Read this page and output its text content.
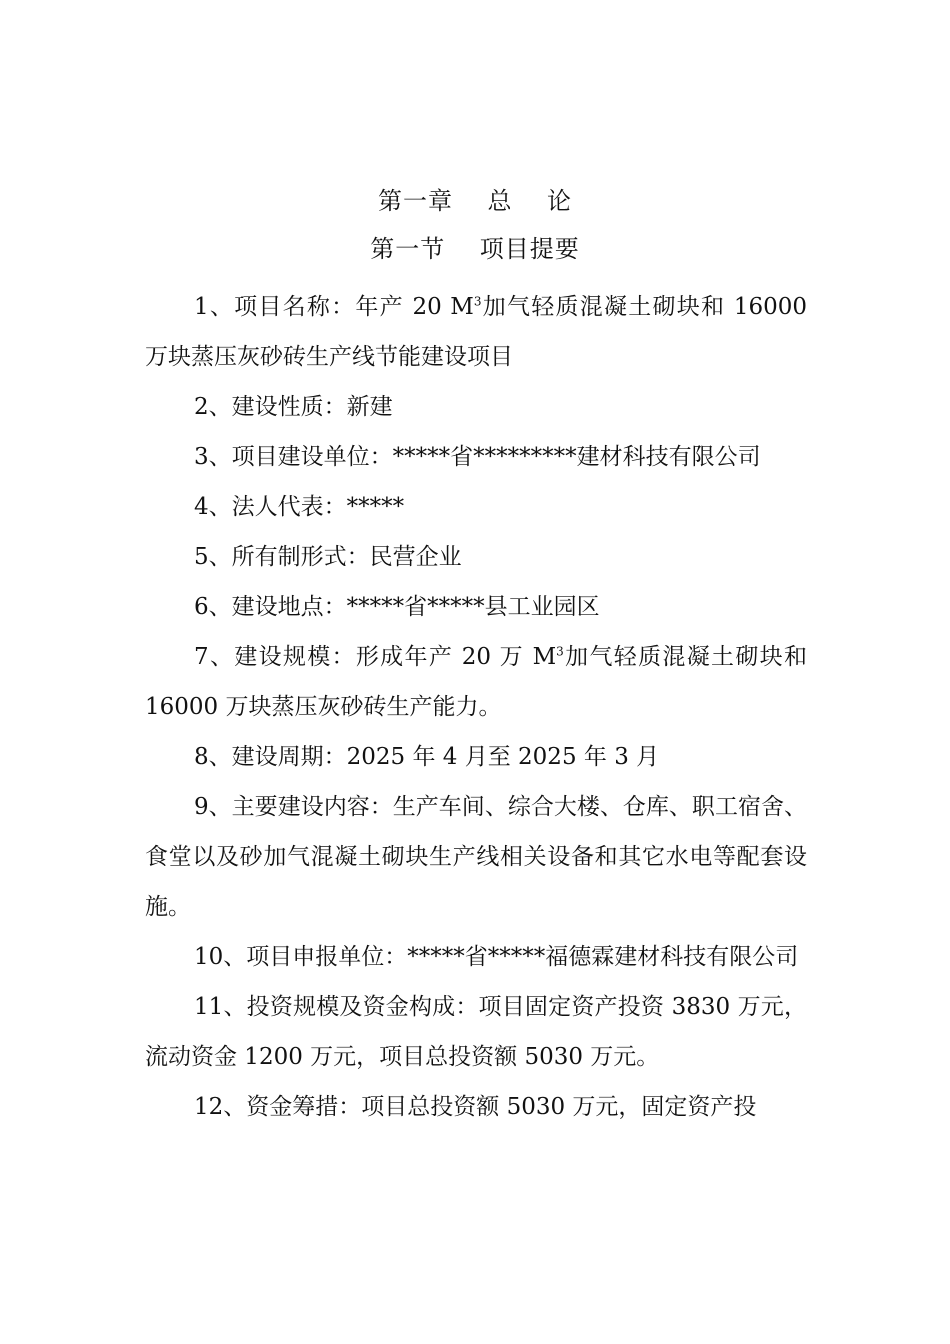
第一章    总    论
第一节    项目提要

1、项目名称：年产 20 $M^3$加气轻质混凝土砌块和 16000 万块蒸压灰砂砖生产线节能建设项目

2、建设性质：新建

3、项目建设单位：*****省*********建材科技有限公司

4、法人代表：*****

5、所有制形式：民营企业

6、建设地点：*****省*****县工业园区

7、建设规模：形成年产 20 万 $M^3$加气轻质混凝土砌块和 16000 万块蒸压灰砂砖生产能力。

8、建设周期：2025 年 4 月至 2025 年 3 月

9、主要建设内容：生产车间、综合大楼、仓库、职工宿舍、食堂以及砂加气混凝土砌块生产线相关设备和其它水电等配套设施。

10、项目申报单位：*****省*****福德霖建材科技有限公司

11、投资规模及资金构成：项目固定资产投资 3830 万元，流动资金 1200 万元，项目总投资额 5030 万元。

12、资金筹措：项目总投资额 5030 万元，固定资产投
